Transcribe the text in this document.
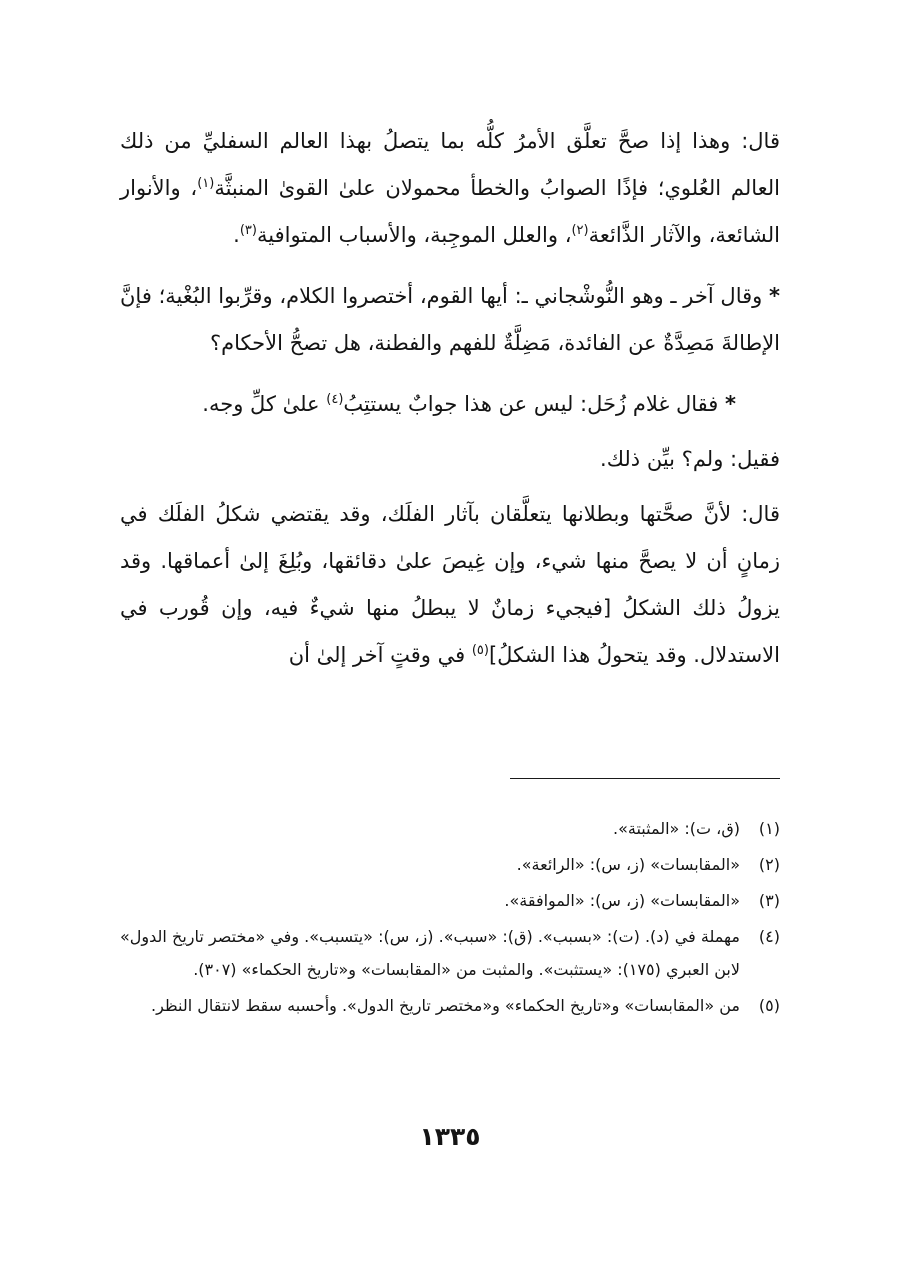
قال: وهذا إذا صحَّ تعلَّق الأمرُ كلُّه بما يتصلُ بهذا العالم السفليِّ من ذلك العالم العُلوي؛ فإذًا الصوابُ والخطأ محمولان علىٰ القوىٰ المنبثَّة$^{(١)}$، والأنوار الشائعة، والآثار الذَّائعة$^{(٢)}$، والعلل الموجِبة، والأسباب المتوافية$^{(٣)}$.

* وقال آخر ـ وهو النُّوشْجاني ـ: أيها القوم، أختصروا الكلام، وقرِّبوا البُغْية؛ فإنَّ الإطالةَ مَصِدَّةٌ عن الفائدة، مَضِلَّةٌ للفهم والفطنة، هل تصحُّ الأحكام؟

* فقال غلام زُحَل: ليس عن هذا جوابٌ يستتِبُ$^{(٤)}$ علىٰ كلِّ وجه.

فقيل: ولم؟ بيِّن ذلك.

قال: لأنَّ صحَّتها وبطلانها يتعلَّقان بآثار الفلَك، وقد يقتضي شكلُ الفلَك في زمانٍ أن لا يصحَّ منها شيء، وإن غِيصَ علىٰ دقائقها، وبُلِغَ إلىٰ أعماقها. وقد يزولُ ذلك الشكلُ [فيجيء زمانٌ لا يبطلُ منها شيءٌ فيه، وإن قُورب في الاستدلال. وقد يتحولُ هذا الشكلُ]$^{(٥)}$ في وقتٍ آخر إلىٰ أن

(١)
(ق، ت): «المثبتة».
(٢)
«المقابسات» (ز، س): «الرائعة».
(٣)
«المقابسات» (ز، س): «الموافقة».
(٤)
مهملة في (د). (ت): «بسبب». (ق): «سبب». (ز، س): «يتسبب». وفي «مختصر تاريخ الدول» لابن العبري (١٧٥): «يستثبت». والمثبت من «المقابسات» و«تاريخ الحكماء» (٣٠٧).
(٥)
من «المقابسات» و«تاريخ الحكماء» و«مختصر تاريخ الدول». وأحسبه سقط لانتقال النظر.
١٣٣٥
